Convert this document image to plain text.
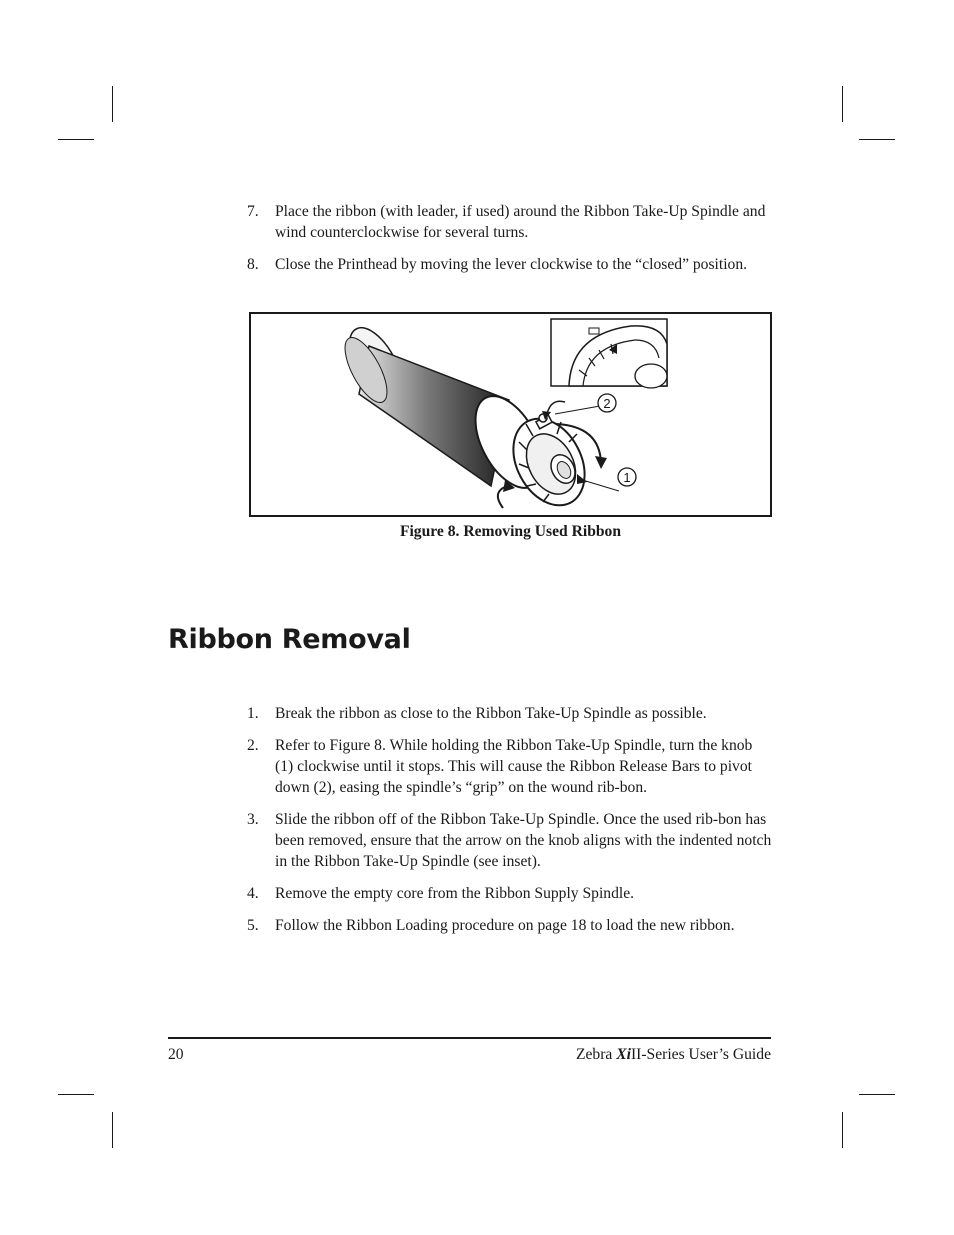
7. Place the ribbon (with leader, if used) around the Ribbon Take-Up Spindle and wind counterclockwise for several turns.
8. Close the Printhead by moving the lever clockwise to the “closed” position.
2
1
Figure 8. Removing Used Ribbon
Ribbon Removal
1. Break the ribbon as close to the Ribbon Take-Up Spindle as possible.
2. Refer to Figure 8. While holding the Ribbon Take-Up Spindle, turn the knob (1) clockwise until it stops. This will cause the Ribbon Release Bars to pivot down (2), easing the spindle’s “grip” on the wound rib-bon.
3. Slide the ribbon off of the Ribbon Take-Up Spindle. Once the used rib-bon has been removed, ensure that the arrow on the knob aligns with the indented notch in the Ribbon Take-Up Spindle (see inset).
4. Remove the empty core from the Ribbon Supply Spindle.
5. Follow the Ribbon Loading procedure on page 18 to load the new ribbon.
20	Zebra XiII-Series User’s Guide
